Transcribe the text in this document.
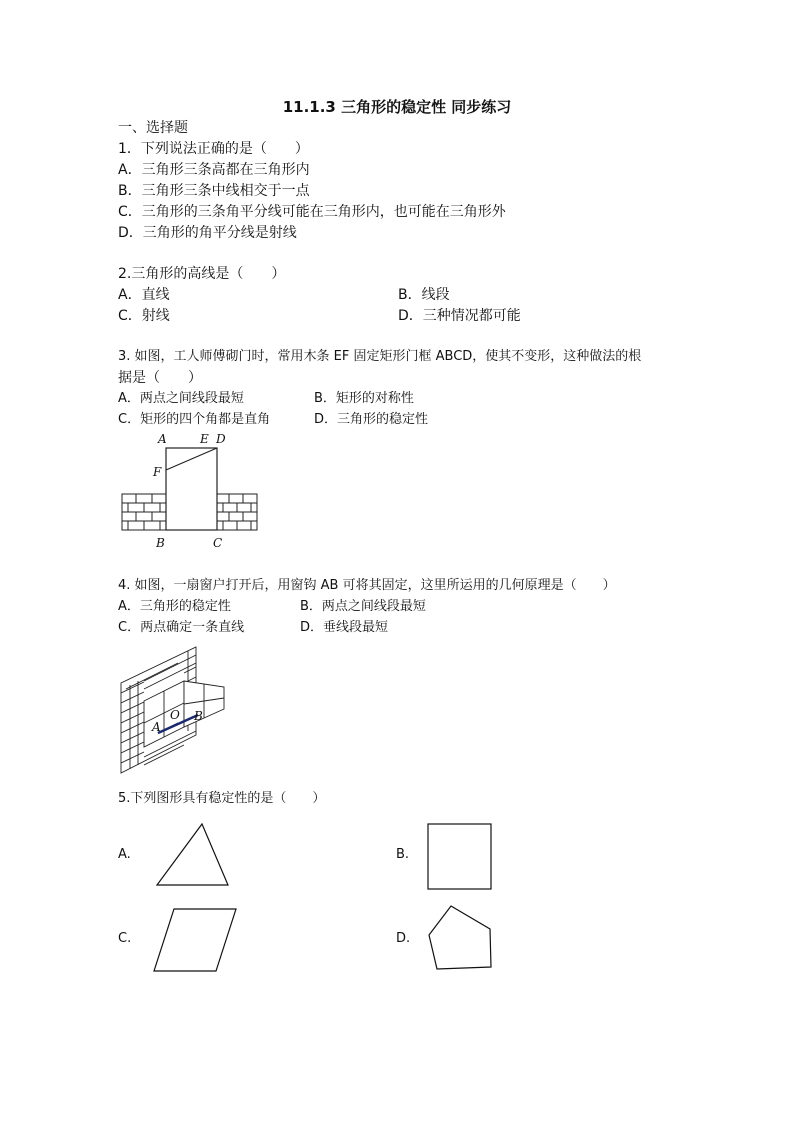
11.1.3 三角形的稳定性 同步练习
一、选择题
1．下列说法正确的是（　　）
A．三角形三条高都在三角形内
B．三角形三条中线相交于一点
C．三角形的三条角平分线可能在三角形内，也可能在三角形外
D．三角形的角平分线是射线
2.三角形的高线是（　　）
A．直线	B．线段
C．射线	D．三种情况都可能
3. 如图，工人师傅砌门时，常用木条 EF 固定矩形门框 ABCD，使其不变形，这种做法的根
据是（　　）
A．两点之间线段最短	B．矩形的对称性
C．矩形的四个角都是直角	D．三角形的稳定性
A	E D
F
B	C
4. 如图，一扇窗户打开后，用窗钩 AB 可将其固定，这里所运用的几何原理是（　　）
A．三角形的稳定性	B．两点之间线段最短
C．两点确定一条直线	D．垂线段最短
O
A
B
5.下列图形具有稳定性的是（　　）
A.	B.
C.	D.
